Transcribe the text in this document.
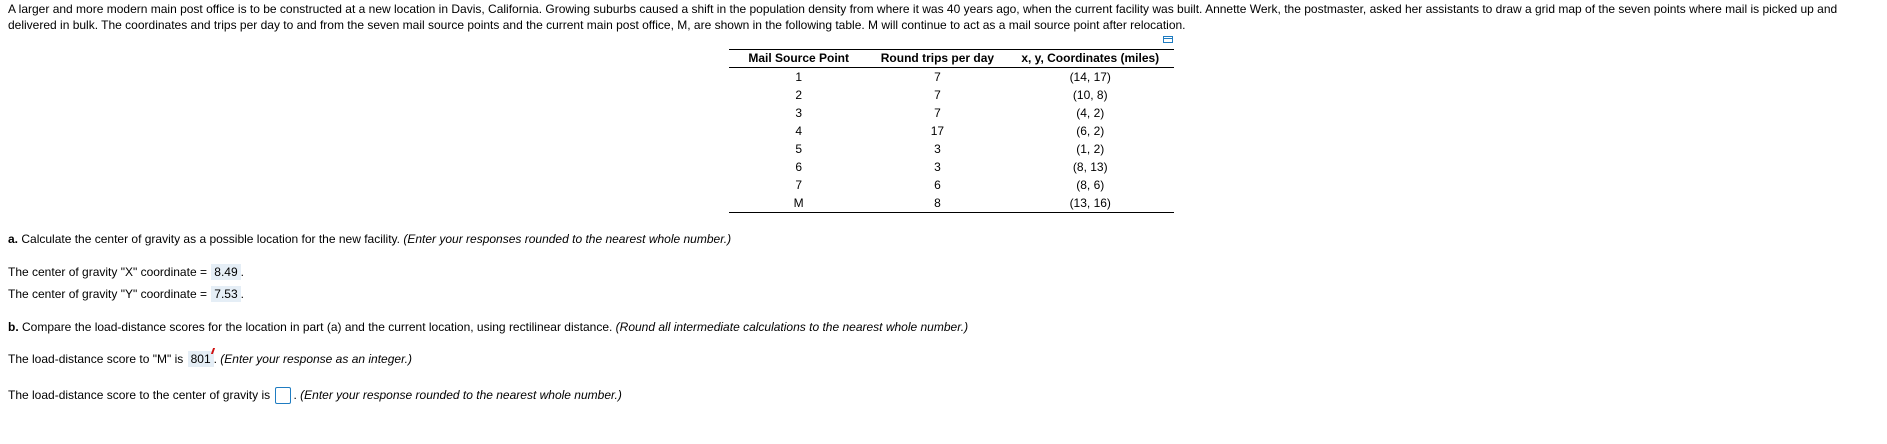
A larger and more modern main post office is to be constructed at a new location in Davis, California. Growing suburbs caused a shift in the population density from where it was 40 years ago, when the current facility was built. Annette Werk, the postmaster, asked her assistants to draw a grid map of the seven points where mail is picked up and delivered in bulk. The coordinates and trips per day to and from the seven mail source points and the current main post office, M, are shown in the following table. M will continue to act as a mail source point after relocation.

Mail Source Point	Round trips per day	x, y, Coordinates (miles)
1	7	(14, 17)
2	7	(10, 8)
3	7	(4, 2)
4	17	(6, 2)
5	3	(1, 2)
6	3	(8, 13)
7	6	(8, 6)
M	8	(13, 16)
a. Calculate the center of gravity as a possible location for the new facility. (Enter your responses rounded to the nearest whole number.)
The center of gravity "X" coordinate = 8.49 .
The center of gravity "Y" coordinate = 7.53 .
b. Compare the load-distance scores for the location in part (a) and the current location, using rectilinear distance. (Round all intermediate calculations to the nearest whole number.)
The load-distance score to "M" is 801 . (Enter your response as an integer.)
The load-distance score to the center of gravity is . (Enter your response rounded to the nearest whole number.)
